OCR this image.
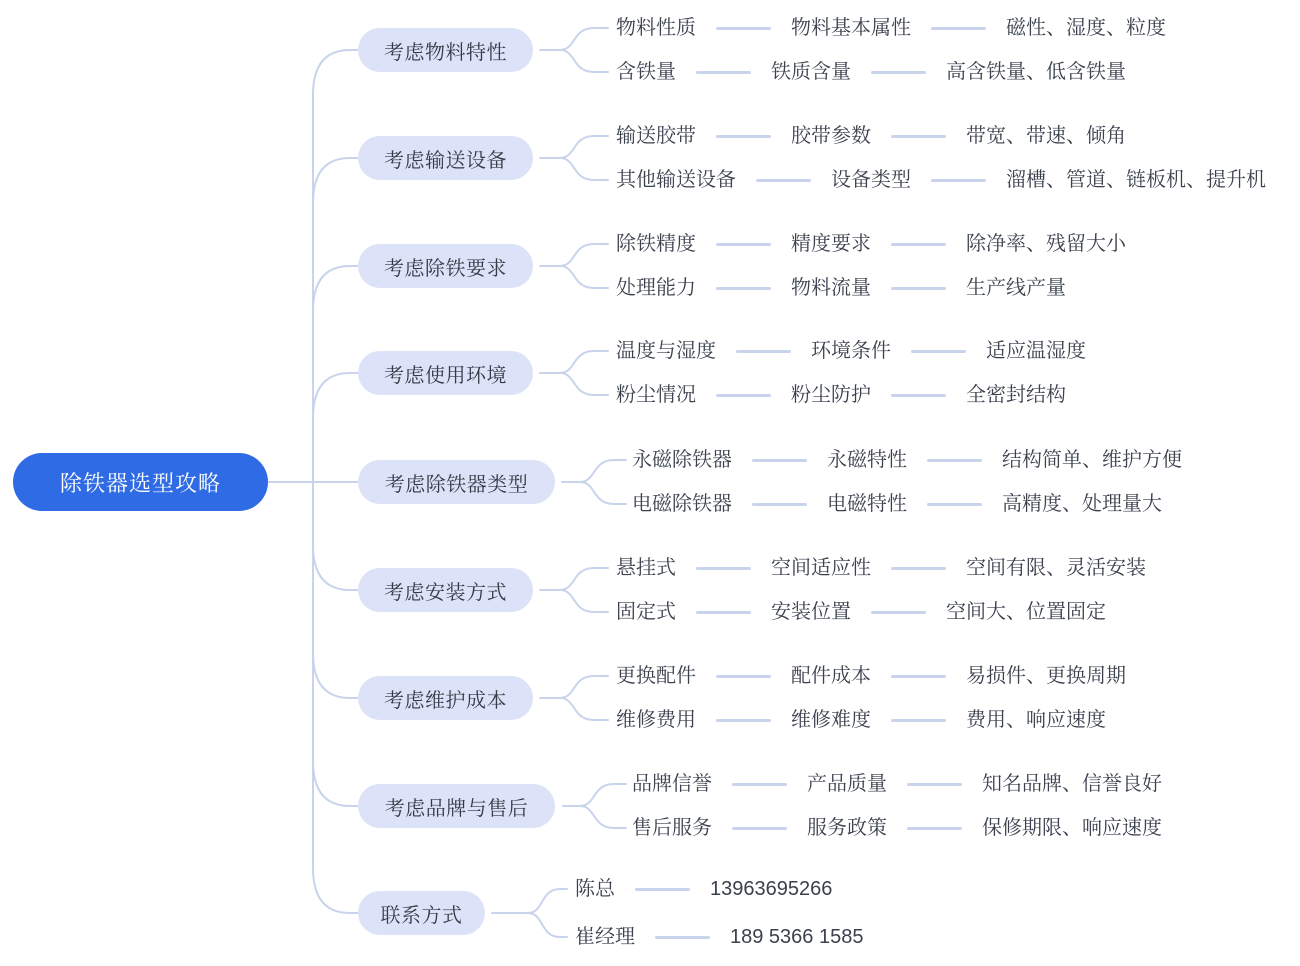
除铁器选型攻略
考虑物料特性
考虑输送设备
考虑除铁要求
考虑使用环境
考虑除铁器类型
考虑安装方式
考虑维护成本
考虑品牌与售后
联系方式
物料性质	物料基本属性	磁性、湿度、粒度
含铁量	铁质含量	高含铁量、低含铁量
输送胶带	胶带参数	带宽、带速、倾角
其他输送设备	设备类型	溜槽、管道、链板机、提升机
除铁精度	精度要求	除净率、残留大小
处理能力	物料流量	生产线产量
温度与湿度	环境条件	适应温湿度
粉尘情况	粉尘防护	全密封结构
永磁除铁器	永磁特性	结构简单、维护方便
电磁除铁器	电磁特性	高精度、处理量大
悬挂式	空间适应性	空间有限、灵活安装
固定式	安装位置	空间大、位置固定
更换配件	配件成本	易损件、更换周期
维修费用	维修难度	费用、响应速度
品牌信誉	产品质量	知名品牌、信誉良好
售后服务	服务政策	保修期限、响应速度
陈总	13963695266
崔经理	189 5366 1585
